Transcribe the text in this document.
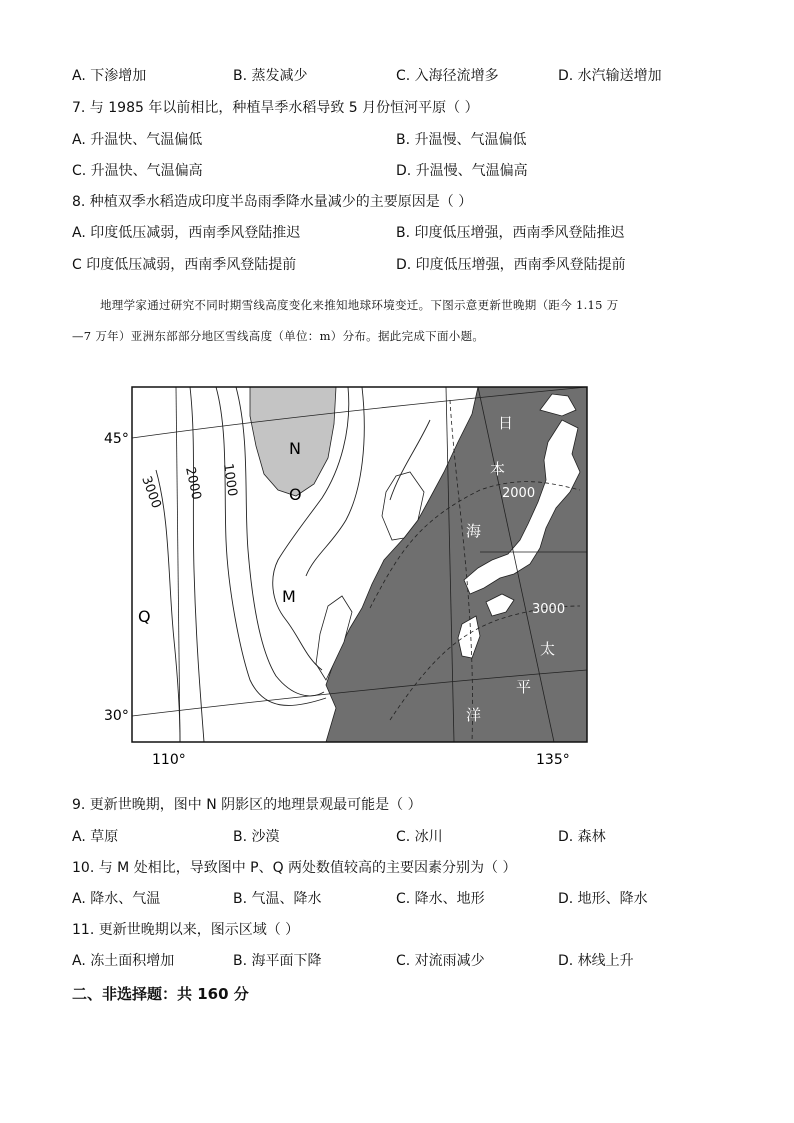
A. 下渗增加	B. 蒸发减少	C. 入海径流增多	D. 水汽输送增加
7. 与 1985 年以前相比，种植旱季水稻导致 5 月份恒河平原（ ）
A. 升温快、气温偏低	B. 升温慢、气温偏低
C. 升温快、气温偏高	D. 升温慢、气温偏高
8. 种植双季水稻造成印度半岛雨季降水量减少的主要原因是（ ）
A. 印度低压减弱，西南季风登陆推迟	B. 印度低压增强，西南季风登陆推迟
C 印度低压减弱，西南季风登陆提前	D. 印度低压增强，西南季风登陆提前
地理学家通过研究不同时期雪线高度变化来推知地球环境变迁。下图示意更新世晚期（距今 1.15 万
—7 万年）亚洲东部部分地区雪线高度（单位：m）分布。据此完成下面小题。
45°
30°
110°	135°
3000 2000 1000	2000
3000
N
O
M
Q
日
本
海
太
平
洋
9. 更新世晚期，图中 N 阴影区的地理景观最可能是（ ）
A. 草原	B. 沙漠	C. 冰川	D. 森林
10. 与 M 处相比，导致图中 P、Q 两处数值较高的主要因素分别为（ ）
A. 降水、气温	B. 气温、降水	C. 降水、地形	D. 地形、降水
11. 更新世晚期以来，图示区域（ ）
A. 冻土面积增加	B. 海平面下降	C. 对流雨减少	D. 林线上升
二、非选择题：共 160 分
